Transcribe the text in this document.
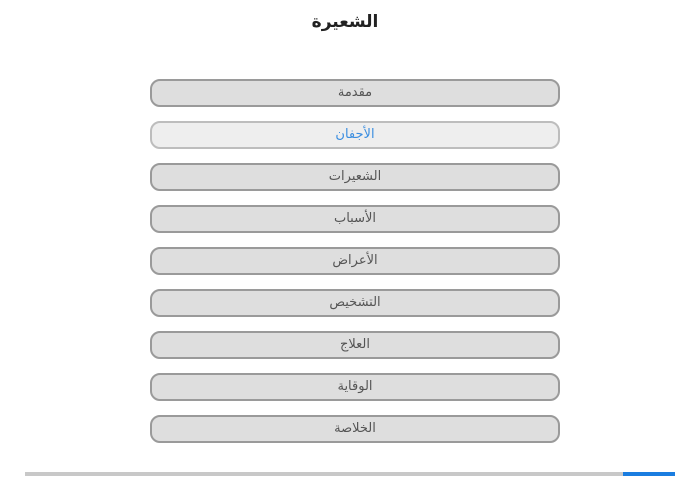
الشعيرة
مقدمة
الأجفان
الشعيرات
الأسباب
الأعراض
التشخيص
العلاج
الوقاية
الخلاصة
